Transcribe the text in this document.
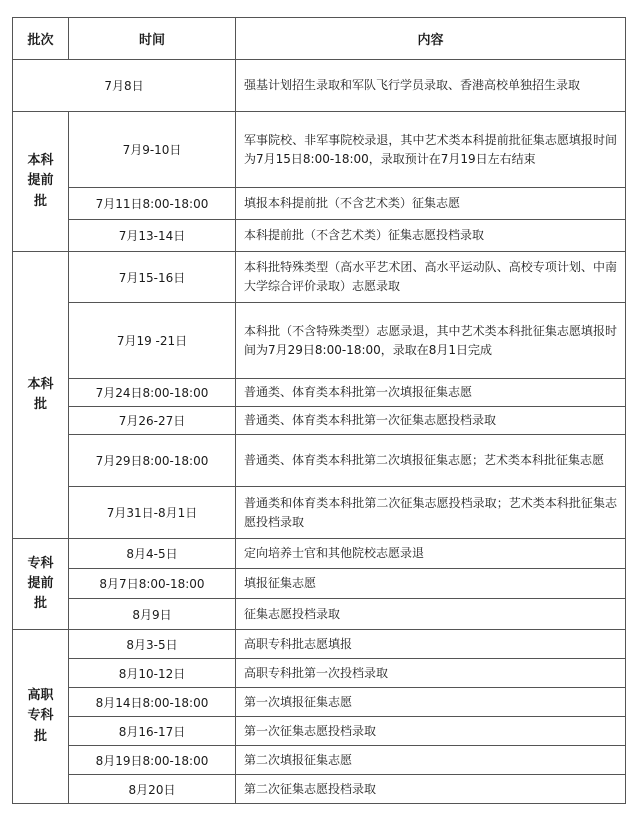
批次	时间	内容
7月8日		强基计划招生录取和军队飞行学员录取、香港高校单独招生录取
本科提前批	7月9-10日	军事院校、非军事院校录退，其中艺术类本科提前批征集志愿填报时间为7月15日8:00-18:00，录取预计在7月19日左右结束
	7月11日8:00-18:00	填报本科提前批（不含艺术类）征集志愿
	7月13-14日	本科提前批（不含艺术类）征集志愿投档录取
本科批	7月15-16日	本科批特殊类型（高水平艺术团、高水平运动队、高校专项计划、中南大学综合评价录取）志愿录取
	7月19 -21日	本科批（不含特殊类型）志愿录退，其中艺术类本科批征集志愿填报时间为7月29日8:00-18:00，录取在8月1日完成
	7月24日8:00-18:00	普通类、体育类本科批第一次填报征集志愿
	7月26-27日	普通类、体育类本科批第一次征集志愿投档录取
	7月29日8:00-18:00	普通类、体育类本科批第二次填报征集志愿；艺术类本科批征集志愿
	7月31日-8月1日	普通类和体育类本科批第二次征集志愿投档录取；艺术类本科批征集志愿投档录取
专科提前批	8月4-5日	定向培养士官和其他院校志愿录退
	8月7日8:00-18:00	填报征集志愿
	8月9日	征集志愿投档录取
高职专科批	8月3-5日	高职专科批志愿填报
	8月10-12日	高职专科批第一次投档录取
	8月14日8:00-18:00	第一次填报征集志愿
	8月16-17日	第一次征集志愿投档录取
	8月19日8:00-18:00	第二次填报征集志愿
	8月20日	第二次征集志愿投档录取
